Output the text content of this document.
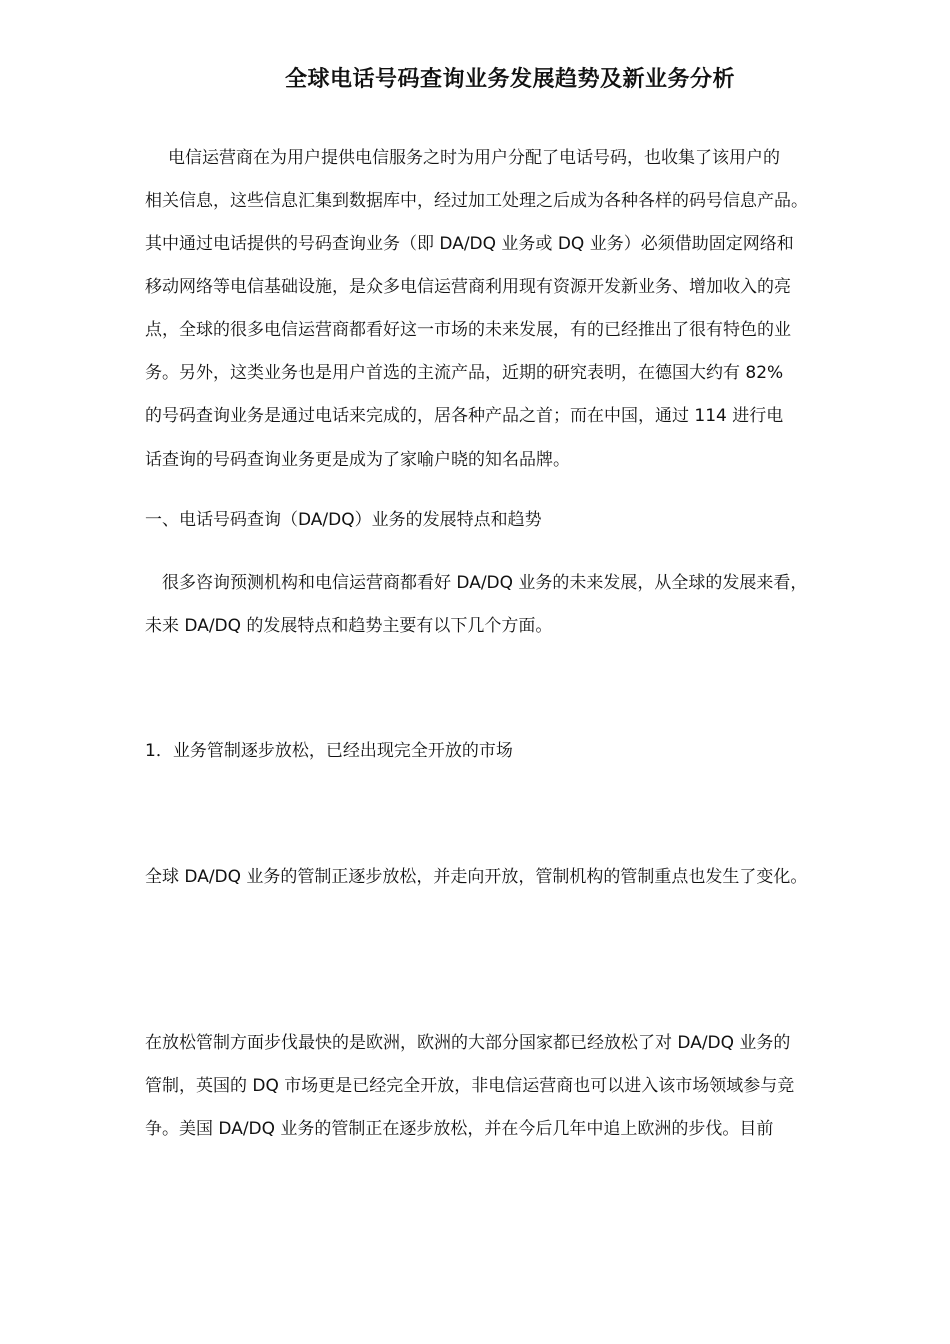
全球电话号码查询业务发展趋势及新业务分析
电信运营商在为用户提供电信服务之时为用户分配了电话号码，也收集了该用户的
相关信息，这些信息汇集到数据库中，经过加工处理之后成为各种各样的码号信息产品。
其中通过电话提供的号码查询业务（即 DA/DQ 业务或 DQ 业务）必须借助固定网络和
移动网络等电信基础设施，是众多电信运营商利用现有资源开发新业务、增加收入的亮
点，全球的很多电信运营商都看好这一市场的未来发展，有的已经推出了很有特色的业
务。另外，这类业务也是用户首选的主流产品，近期的研究表明，在德国大约有 82%
的号码查询业务是通过电话来完成的，居各种产品之首；而在中国，通过 114 进行电
话查询的号码查询业务更是成为了家喻户晓的知名品牌。
一、电话号码查询（DA/DQ）业务的发展特点和趋势
很多咨询预测机构和电信运营商都看好 DA/DQ 业务的未来发展，从全球的发展来看，
未来 DA/DQ 的发展特点和趋势主要有以下几个方面。
1．业务管制逐步放松，已经出现完全开放的市场
全球 DA/DQ 业务的管制正逐步放松，并走向开放，管制机构的管制重点也发生了变化。
在放松管制方面步伐最快的是欧洲，欧洲的大部分国家都已经放松了对 DA/DQ 业务的
管制，英国的 DQ 市场更是已经完全开放，非电信运营商也可以进入该市场领域参与竞
争。美国 DA/DQ 业务的管制正在逐步放松，并在今后几年中追上欧洲的步伐。目前
